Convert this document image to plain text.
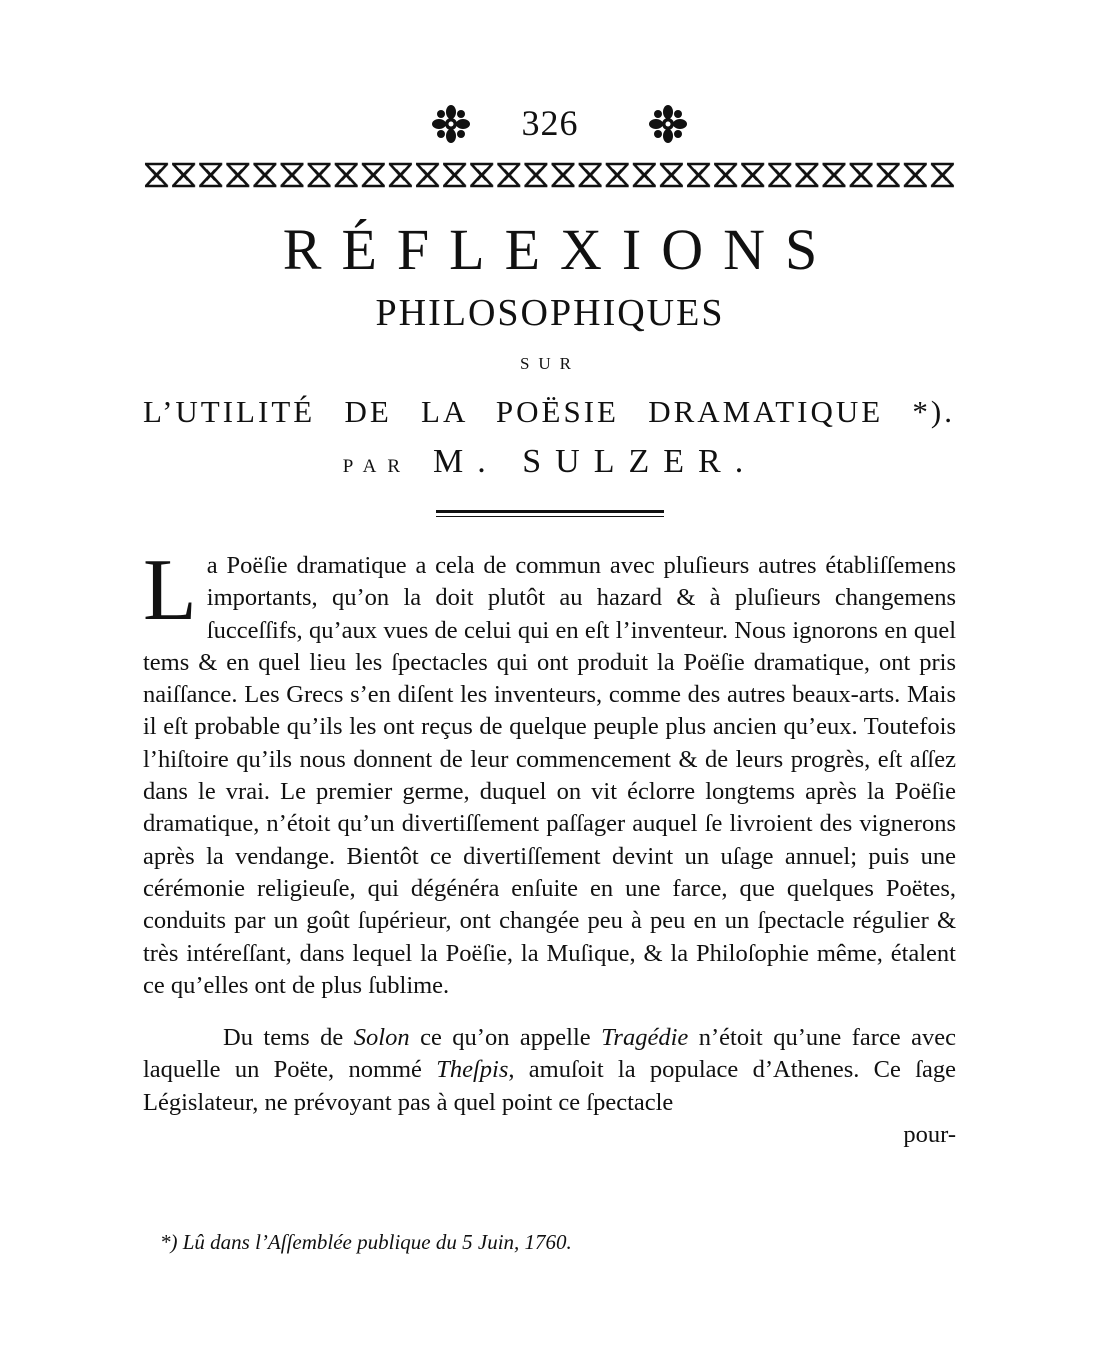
326
RÉFLEXIONS
PHILOSOPHIQUES
SUR
L’UTILITÉ DE LA POËSIE DRAMATIQUE *).
PAR M. SULZER.

La Poëſie dramatique a cela de commun avec pluſieurs autres établiſſemens importants, qu’on la doit plutôt au hazard & à pluſieurs changemens ſucceſſifs, qu’aux vues de celui qui en eſt l’inventeur. Nous ignorons en quel tems & en quel lieu les ſpectacles qui ont produit la Poëſie dramatique, ont pris naiſſance. Les Grecs s’en diſent les inventeurs, comme des autres beaux-arts. Mais il eſt probable qu’ils les ont reçus de quelque peuple plus ancien qu’eux. Toutefois l’hiſtoire qu’ils nous donnent de leur commencement & de leurs progrès, eſt aſſez dans le vrai. Le premier germe, duquel on vit éclorre longtems après la Poëſie dramatique, n’étoit qu’un divertiſſement paſſager auquel ſe livroient des vignerons après la vendange. Bientôt ce divertiſſement devint un uſage annuel; puis une cérémonie religieuſe, qui dégénéra enſuite en une farce, que quelques Poëtes, conduits par un goût ſupérieur, ont changée peu à peu en un ſpectacle régulier & très intéreſſant, dans lequel la Poëſie, la Muſique, & la Philoſophie même, étalent ce qu’elles ont de plus ſublime.

Du tems de Solon ce qu’on appelle Tragédie n’étoit qu’une farce avec laquelle un Poëte, nommé Theſpis, amuſoit la populace d’Athenes. Ce ſage Législateur, ne prévoyant pas à quel point ce ſpectacle

pour-
*) Lû dans l’Aſſemblée publique du 5 Juin, 1760.
